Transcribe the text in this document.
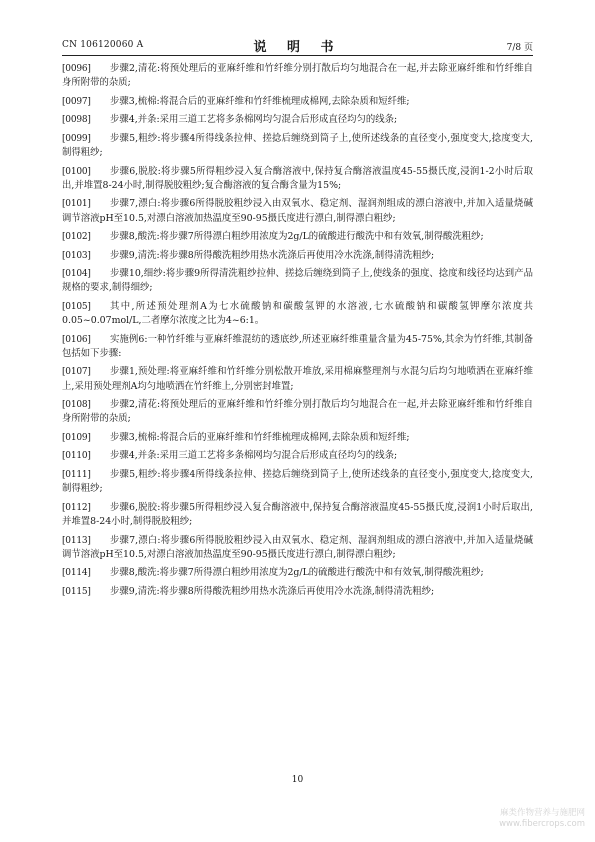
CN 106120060 A	说 明 书	7/8 页
[0096]	步骤2,清花:将预处理后的亚麻纤维和竹纤维分别打散后均匀地混合在一起,并去除亚麻纤维和竹纤维自身所附带的杂质;
[0097]	步骤3,梳棉:将混合后的亚麻纤维和竹纤维梳理成棉网,去除杂质和短纤维;
[0098]	步骤4,并条:采用三道工艺将多条棉网均匀混合后形成直径均匀的线条;
[0099]	步骤5,粗纱:将步骤4所得线条拉伸、搓捻后缠绕到筒子上,使所述线条的直径变小,强度变大,捻度变大,制得粗纱;
[0100]	步骤6,脱胶:将步骤5所得粗纱浸入复合酶溶液中,保持复合酶溶液温度45-55摄氏度,浸润1-2小时后取出,并堆置8-24小时,制得脱胶粗纱;复合酶溶液的复合酶含量为15%;
[0101]	步骤7,漂白:将步骤6所得脱胶粗纱浸入由双氧水、稳定剂、湿润剂组成的漂白溶液中,并加入适量烧碱调节溶液pH至10.5,对漂白溶液加热温度至90-95摄氏度进行漂白,制得漂白粗纱;
[0102]	步骤8,酸洗:将步骤7所得漂白粗纱用浓度为2g/L的硫酸进行酸洗中和有效氧,制得酸洗粗纱;
[0103]	步骤9,清洗:将步骤8所得酸洗粗纱用热水洗涤后再使用冷水洗涤,制得清洗粗纱;
[0104]	步骤10,细纱:将步骤9所得清洗粗纱拉伸、搓捻后缠绕到筒子上,使线条的强度、捻度和线径均达到产品规格的要求,制得细纱;
[0105]	其中,所述预处理剂A为七水硫酸钠和碳酸氢钾的水溶液,七水硫酸钠和碳酸氢钾摩尔浓度共0.05~0.07mol/L,二者摩尔浓度之比为4~6:1。
[0106]	实施例6:一种竹纤维与亚麻纤维混纺的透底纱,所述亚麻纤维重量含量为45-75%,其余为竹纤维,其制备包括如下步骤:
[0107]	步骤1,预处理:将亚麻纤维和竹纤维分别松散开堆放,采用棉麻整理剂与水混匀后均匀地喷洒在亚麻纤维上,采用预处理剂A均匀地喷洒在竹纤维上,分别密封堆置;
[0108]	步骤2,清花:将预处理后的亚麻纤维和竹纤维分别打散后均匀地混合在一起,并去除亚麻纤维和竹纤维自身所附带的杂质;
[0109]	步骤3,梳棉:将混合后的亚麻纤维和竹纤维梳理成棉网,去除杂质和短纤维;
[0110]	步骤4,并条:采用三道工艺将多条棉网均匀混合后形成直径均匀的线条;
[0111]	步骤5,粗纱:将步骤4所得线条拉伸、搓捻后缠绕到筒子上,使所述线条的直径变小,强度变大,捻度变大,制得粗纱;
[0112]	步骤6,脱胶:将步骤5所得粗纱浸入复合酶溶液中,保持复合酶溶液温度45-55摄氏度,浸润1小时后取出,并堆置8-24小时,制得脱胶粗纱;
[0113]	步骤7,漂白:将步骤6所得脱胶粗纱浸入由双氧水、稳定剂、湿润剂组成的漂白溶液中,并加入适量烧碱调节溶液pH至10.5,对漂白溶液加热温度至90-95摄氏度进行漂白,制得漂白粗纱;
[0114]	步骤8,酸洗:将步骤7所得漂白粗纱用浓度为2g/L的硫酸进行酸洗中和有效氧,制得酸洗粗纱;
[0115]	步骤9,清洗:将步骤8所得酸洗粗纱用热水洗涤后再使用冷水洗涤,制得清洗粗纱;
10
麻类作物营养与施肥网
www.fibercrops.com
